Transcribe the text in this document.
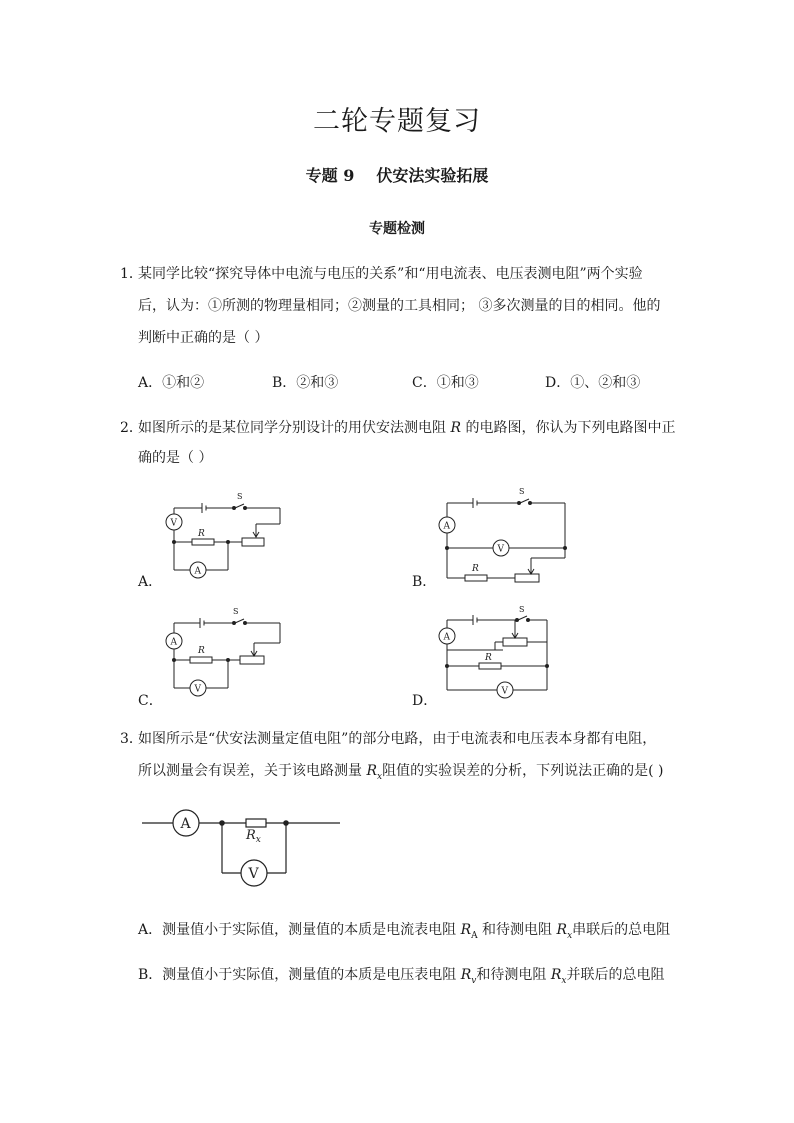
二轮专题复习
专题 9 伏安法实验拓展
专题检测
1．
某同学比较“探究导体中电流与电压的关系”和“用电流表、电压表测电阻”两个实验
后，认为：①所测的物理量相同；②测量的工具相同； ③多次测量的目的相同。他的
判断中正确的是（ ）
A．①和②	B．②和③	C．①和③	D．①、②和③
2．
如图所示的是某位同学分别设计的用伏安法测电阻 R 的电路图，你认为下列电路图中正
确的是（ ）
A．	B．
C．	D．
S
V
R
A
S
A
V
R
S
A
R
V
S
A
R
V
3．
如图所示是“伏安法测量定值电阻”的部分电路，由于电流表和电压表本身都有电阻，
所以测量会有误差，关于该电路测量 $R_x$阻值的实验误差的分析，下列说法正确的是( )
A
$R_x$
V
A．测量值小于实际值，测量值的本质是电流表电阻 $R_A$ 和待测电阻 $R_x$串联后的总电阻
B．测量值小于实际值，测量值的本质是电压表电阻 $R_v$和待测电阻 $R_x$并联后的总电阻
